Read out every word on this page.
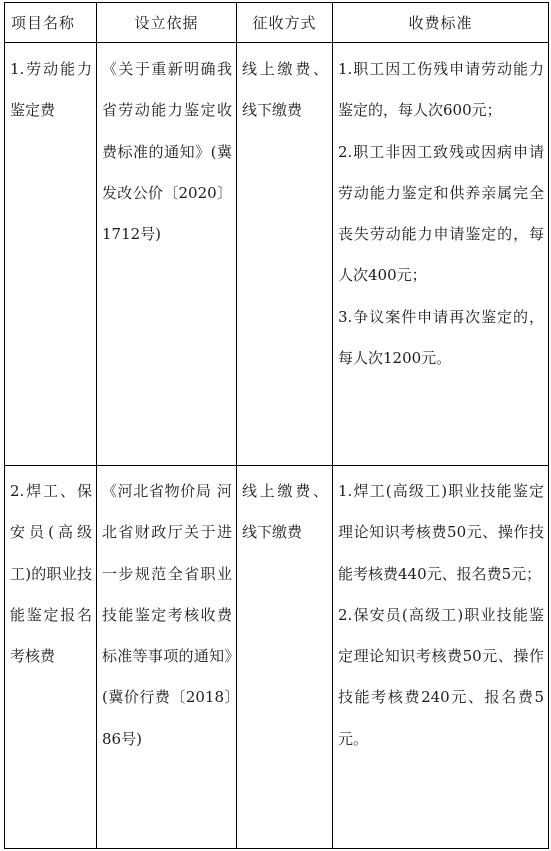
项目名称	设立依据	征收方式	收费标准

1.劳动能力鉴定费	《关于重新明确我省劳动能力鉴定收费标准的通知》(冀发改公价〔2020〕1712号)	线上缴费、线下缴费	1.职工因工伤残申请劳动能力鉴定的，每人次600元；
2.职工非因工致残或因病申请劳动能力鉴定和供养亲属完全丧失劳动能力申请鉴定的，每人次400元；
3.争议案件申请再次鉴定的，每人次1200元。

2.焊工、保安员(高级工)的职业技能鉴定报名考核费	《河北省物价局 河北省财政厅关于进一步规范全省职业技能鉴定考核收费标准等事项的通知》(冀价行费〔2018〕86号)	线上缴费、线下缴费	1.焊工(高级工)职业技能鉴定理论知识考核费50元、操作技能考核费440元、报名费5元；
2.保安员(高级工)职业技能鉴定理论知识考核费50元、操作技能考核费240元、报名费5元。
